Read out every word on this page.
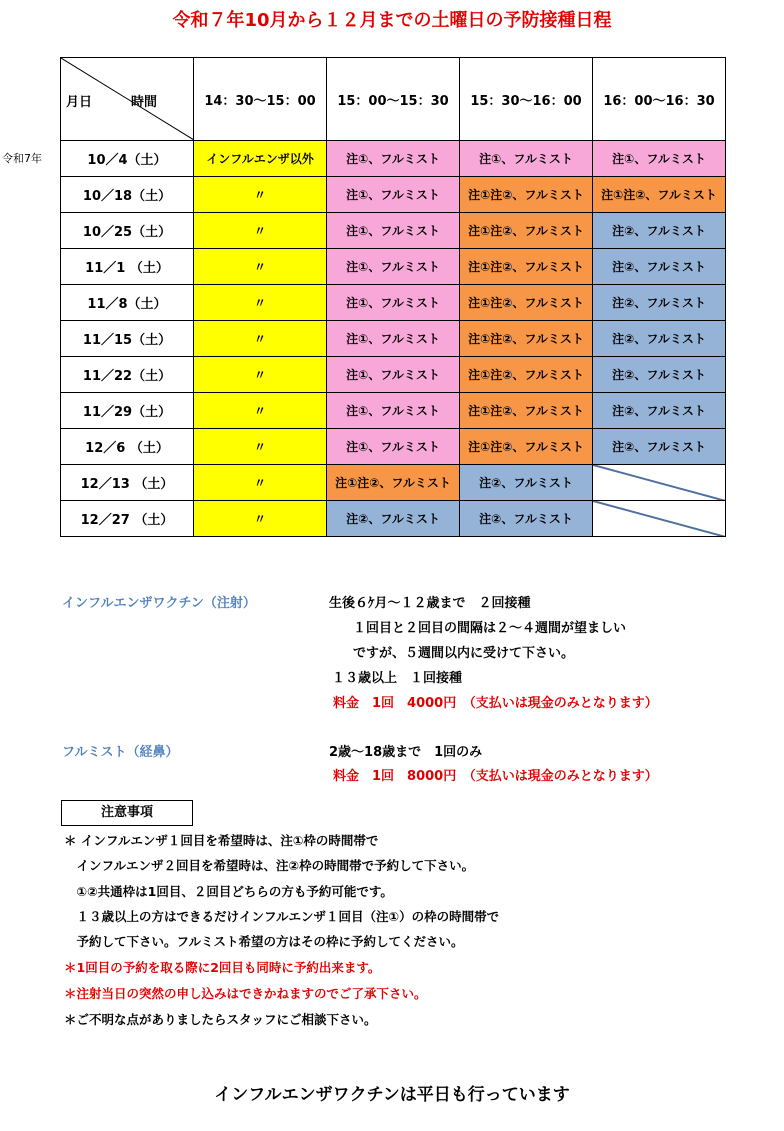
令和７年10月から１２月までの土曜日の予防接種日程
令和7年
月日 時間	14：30〜15：00	15：00〜15：30	15：30〜16：00	16：00〜16：30
10／4（土）	インフルエンザ以外	注①、フルミスト	注①、フルミスト	注①、フルミスト
10／18（土）	〃	注①、フルミスト	注①注②、フルミスト	注①注②、フルミスト
10／25（土）	〃	注①、フルミスト	注①注②、フルミスト	注②、フルミスト
11／1 （土）	〃	注①、フルミスト	注①注②、フルミスト	注②、フルミスト
11／8（土）	〃	注①、フルミスト	注①注②、フルミスト	注②、フルミスト
11／15（土）	〃	注①、フルミスト	注①注②、フルミスト	注②、フルミスト
11／22（土）	〃	注①、フルミスト	注①注②、フルミスト	注②、フルミスト
11／29（土）	〃	注①、フルミスト	注①注②、フルミスト	注②、フルミスト
12／6 （土）	〃	注①、フルミスト	注①注②、フルミスト	注②、フルミスト
12／13 （土）	〃	注①注②、フルミスト	注②、フルミスト	

12／27 （土）	〃	注②、フルミスト	注②、フルミスト	
インフルエンザワクチン（注射）	生後６ｹ月〜１２歳まで　２回接種
　１回目と２回目の間隔は２〜４週間が望ましい
　ですが、５週間以内に受けて下さい。
１３歳以上　１回接種
料金　1回　4000円　（支払いは現金のみとなります）
フルミスト（経鼻）	2歳〜18歳まで　1回のみ
料金　1回　8000円　（支払いは現金のみとなります）
注意事項
＊ インフルエンザ１回目を希望時は、注①枠の時間帯で
　インフルエンザ２回目を希望時は、注②枠の時間帯で予約して下さい。
　①②共通枠は1回目、２回目どちらの方も予約可能です。
　１３歳以上の方はできるだけインフルエンザ１回目（注①）の枠の時間帯で
　予約して下さい。フルミスト希望の方はその枠に予約してください。
＊1回目の予約を取る際に2回目も同時に予約出来ます。
＊注射当日の突然の申し込みはできかねますのでご了承下さい。
＊ご不明な点がありましたらスタッフにご相談下さい。
インフルエンザワクチンは平日も行っています
